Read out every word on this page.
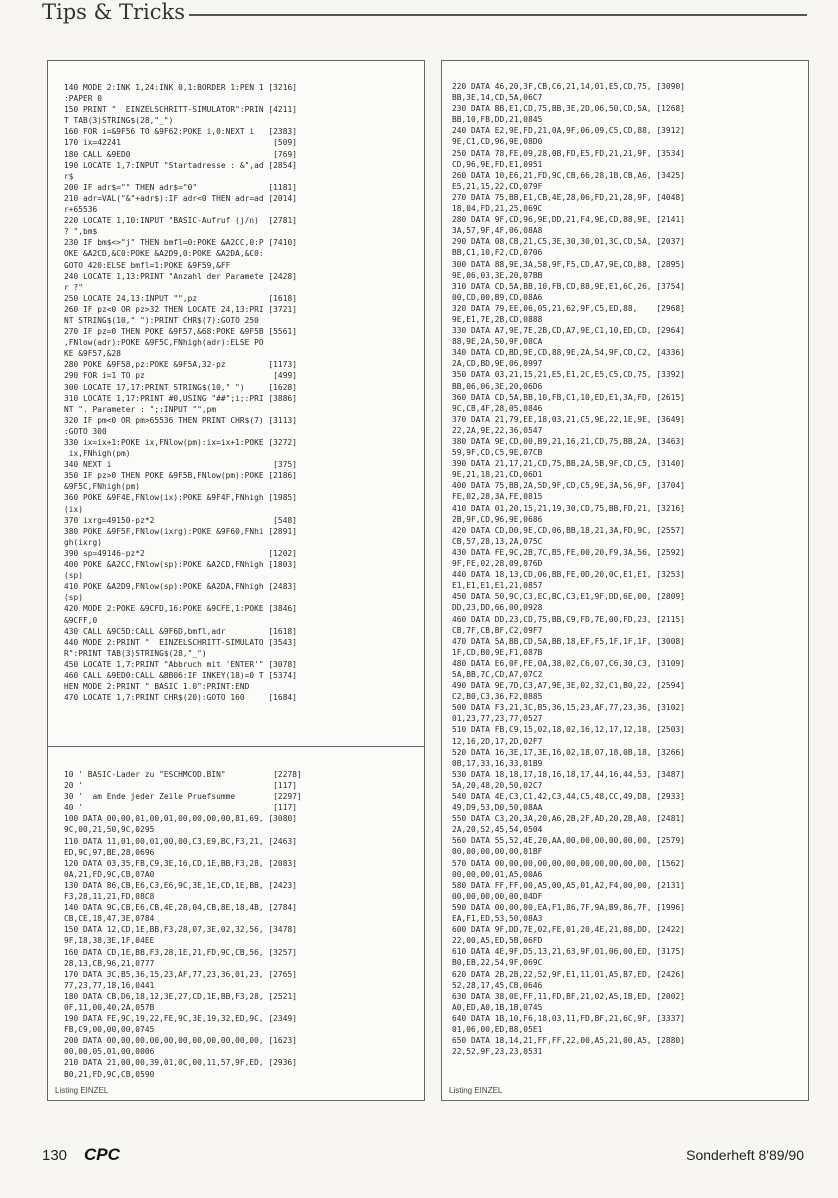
Tips & Tricks
140 MODE 2:INK 1,24:INK 0,1:BORDER 1:PEN 1 [3216]
:PAPER 0
150 PRINT "  EINZELSCHRITT-SIMULATOR":PRIN [4211]
T TAB(3)STRING$(28,"_")
160 FOR i=&9F56 TO &9F62:POKE i,0:NEXT i   [2383]
170 ix=42241                                [509]
180 CALL &9ED0                              [769]
190 LOCATE 1,7:INPUT "Startadresse : &",ad [2854]
r$
200 IF adr$="" THEN adr$="0"               [1181]
210 adr=VAL("&"+adr$):IF adr<0 THEN adr=ad [2014]
r+65536
220 LOCATE 1,10:INPUT "BASIC-Aufruf (j/n)  [2781]
? ",bm$
230 IF bm$<>"j" THEN bmfl=0:POKE &A2CC,0:P [7410]
OKE &A2CD,&C0:POKE &A2D9,0:POKE &A2DA,&C0:
GOTO 420:ELSE bmfl=1:POKE &9F59,&FF
240 LOCATE 1,13:PRINT "Anzahl der Paramete [2428]
r ?"
250 LOCATE 24,13:INPUT "",pz               [1618]
260 IF pz<0 OR pz>32 THEN LOCATE 24,13:PRI [3721]
NT STRING$(10," "):PRINT CHR$(7):GOTO 250
270 IF pz=0 THEN POKE &9F57,&68:POKE &9F5B [5561]
,FNlow(adr):POKE &9F5C,FNhigh(adr):ELSE PO
KE &9F57,&28
280 POKE &9F58,pz:POKE &9F5A,32-pz         [1173]
290 FOR i=1 TO pz                           [499]
300 LOCATE 17,17:PRINT STRING$(10," ")     [1628]
310 LOCATE 1,17:PRINT #0,USING "##";i;:PRI [3886]
NT ". Parameter : ";:INPUT "",pm
320 IF pm<0 OR pm>65536 THEN PRINT CHR$(7) [3113]
:GOTO 300
330 ix=ix+1:POKE ix,FNlow(pm):ix=ix+1:POKE [3272]
ix,FNhigh(pm)
340 NEXT i                                  [375]
350 IF pz>0 THEN POKE &9F5B,FNlow(pm):POKE [2186]
&9F5C,FNhigh(pm)
360 POKE &9F4E,FNlow(ix):POKE &9F4F,FNhigh [1985]
(ix)
370 ixrg=49150-pz*2                         [548]
380 POKE &9F5F,FNlow(ixrg):POKE &9F60,FNhi [2891]
gh(ixrg)
390 sp=49146-pz*2                          [1202]
400 POKE &A2CC,FNlow(sp):POKE &A2CD,FNhigh [1803]
(sp)
410 POKE &A2D9,FNlow(sp):POKE &A2DA,FNhigh [2483]
(sp)
420 MODE 2:POKE &9CFD,16:POKE &9CFE,1:POKE [3846]
&9CFF,0
430 CALL &9C5D:CALL &9F6D,bmfl,adr         [1618]
440 MODE 2:PRINT "  EINZELSCHRITT-SIMULATO [3543]
R":PRINT TAB(3)STRING$(28,"_")
450 LOCATE 1,7:PRINT "Abbruch mit 'ENTER'" [3078]
460 CALL &9ED0:CALL &BB06:IF INKEY(18)=0 T [5374]
HEN MODE 2:PRINT " BASIC 1.0":PRINT:END
470 LOCATE 1,7:PRINT CHR$(20):GOTO 160     [1684]
10 ' BASIC-Lader zu "ESCHMCOD.BIN"          [2278]
20 '                                        [117]
30 '  am Ende jeder Zeile Pruefsumme        [2297]
40 '                                        [117]
100 DATA 00,00,01,00,01,00,00,00,00,81,69, [3080]
9C,00,21,50,9C,0295
110 DATA 11,01,00,01,00,00,C3,E9,BC,F3,21, [2463]
ED,9C,97,BE,28,0696
120 DATA 03,35,FB,C9,3E,16,CD,1E,BB,F3,28, [2083]
0A,21,FD,9C,CB,07A0
130 DATA 86,CB,E6,C3,E6,9C,3E,1E,CD,1E,BB, [2423]
F3,28,11,21,FD,08C8
140 DATA 9C,CB,E6,CB,4E,28,04,CB,8E,18,4B, [2784]
CB,CE,18,47,3E,0784
150 DATA 12,CD,1E,BB,F3,28,07,3E,02,32,56, [3478]
9F,18,38,3E,1F,04EE
160 DATA CD,1E,BB,F3,28,1E,21,FD,9C,CB,56, [3257]
28,13,CB,96,21,0777
170 DATA 3C,B5,36,15,23,AF,77,23,36,01,23, [2765]
77,23,77,18,16,0441
180 DATA CB,D6,18,12,3E,27,CD,1E,BB,F3,28, [2521]
0F,11,00,40,2A,057B
190 DATA FE,9C,19,22,FE,9C,3E,19,32,ED,9C, [2349]
FB,C9,00,00,00,0745
200 DATA 00,00,00,00,00,00,00,00,00,00,00, [1623]
00,00,05,01,00,0006
210 DATA 21,00,00,39,01,0C,00,11,57,9F,ED, [2936]
B0,21,FD,9C,CB,0590
Listing EINZEL
220 DATA 46,20,3F,CB,C6,21,14,01,E5,CD,75, [3090]
BB,3E,14,CD,5A,06C7
230 DATA BB,E1,CD,75,BB,3E,2D,06,50,CD,5A, [1268]
BB,10,FB,DD,21,0845
240 DATA E2,9E,FD,21,0A,9F,06,09,C5,CD,88, [3912]
9E,C1,CD,96,9E,08D0
250 DATA 78,FE,09,28,0B,FD,E5,FD,21,21,9F, [3534]
CD,96,9E,FD,E1,0951
260 DATA 10,E6,21,FD,9C,CB,66,28,1B,CB,A6, [3425]
E5,21,15,22,CD,079F
270 DATA 75,BB,E1,CB,4E,28,06,FD,21,28,9F, [4048]
18,04,FD,21,25,069C
280 DATA 9F,CD,96,9E,DD,21,F4,9E,CD,88,9E, [2141]
3A,57,9F,4F,06,08A8
290 DATA 08,CB,21,C5,3E,30,30,01,3C,CD,5A, [2037]
BB,C1,10,F2,CD,0706
300 DATA 88,9E,3A,58,9F,F5,CD,A7,9E,CD,88, [2895]
9E,06,03,3E,20,07BB
310 DATA CD,5A,BB,10,FB,CD,88,9E,E1,6C,26, [3754]
00,CD,00,B9,CD,08A6
320 DATA 79,EE,06,05,21,62,9F,C5,ED,88,    [2968]
9E,E1,7E,2B,CD,0888
330 DATA A7,9E,7E,2B,CD,A7,9E,C1,10,ED,CD, [2964]
88,9E,2A,50,9F,08CA
340 DATA CD,BD,9E,CD,88,9E,2A,54,9F,CD,C2, [4336]
2A,CD,BD,9E,06,0997
350 DATA 03,21,15,21,E5,E1,2C,E5,C5,CD,75, [3392]
BB,06,06,3E,20,06D6
360 DATA CD,5A,BB,10,FB,C1,10,ED,E1,3A,FD, [2615]
9C,CB,4F,28,05,0846
370 DATA 21,79,EE,18,03,21,C5,9E,22,1E,9E, [3649]
22,2A,9E,22,36,0547
380 DATA 9E,CD,00,B9,21,16,21,CD,75,BB,2A, [3463]
59,9F,CD,C5,9E,07CB
390 DATA 21,17,21,CD,75,BB,2A,5B,9F,CD,C5, [3140]
9E,21,18,21,CD,06D1
400 DATA 75,BB,2A,5D,9F,CD,C5,9E,3A,56,9F, [3704]
FE,02,28,3A,FE,0815
410 DATA 01,20,15,21,19,30,CD,75,BB,FD,21, [3216]
2B,9F,CD,96,9E,0686
420 DATA CD,D0,9E,CD,06,BB,18,21,3A,FD,9C, [2557]
CB,57,28,13,2A,075C
430 DATA FE,9C,2B,7C,B5,FE,00,20,F9,3A,56, [2592]
9F,FE,02,28,09,076D
440 DATA 18,13,CD,06,BB,FE,0D,20,0C,E1,E1, [3253]
E1,E1,E1,E1,21,0857
450 DATA 50,9C,C3,EC,BC,C3,E1,9F,DD,6E,00, [2809]
DD,23,DD,66,00,0928
460 DATA DD,23,CD,75,BB,C9,FD,7E,00,FD,23, [2115]
CB,7F,CB,BF,C2,09F7
470 DATA 5A,BB,CD,5A,BB,18,EF,F5,1F,1F,1F, [3008]
1F,CD,B0,9E,F1,087B
480 DATA E6,0F,FE,0A,38,02,C6,07,C6,30,C3, [3109]
5A,BB,7C,CD,A7,07C2
490 DATA 9E,7D,C3,A7,9E,3E,02,32,C1,B0,22, [2594]
C2,B0,C3,36,F2,0885
500 DATA F3,21,3C,B5,36,15,23,AF,77,23,36, [3102]
01,23,77,23,77,0527
510 DATA FB,C9,15,02,18,02,16,12,17,12,18, [2503]
12,16,2D,17,2D,02F7
520 DATA 16,3E,17,3E,16,02,18,07,18,0B,18, [3266]
0B,17,33,16,33,01B9
530 DATA 18,18,17,18,16,18,17,44,16,44,53, [3487]
5A,20,48,20,50,02C7
540 DATA 4E,C3,C1,42,C3,44,C5,48,CC,49,D8, [2933]
49,D9,53,D0,50,08AA
550 DATA C3,20,3A,20,A6,2B,2F,AD,20,2B,A0, [2481]
2A,20,52,45,54,0504
560 DATA 55,52,4E,20,AA,00,00,00,00,00,00, [2579]
00,00,00,00,00,01BF
570 DATA 00,00,00,00,00,00,00,00,00,00,00, [1562]
00,00,00,01,A5,00A6
580 DATA FF,FF,00,A5,00,A5,01,A2,F4,00,00, [2131]
00,00,00,00,00,04DF
590 DATA 00,00,00,EA,F1,86,7F,9A,B9,86,7F, [1996]
EA,F1,ED,53,50,08A3
600 DATA 9F,DD,7E,02,FE,01,20,4E,21,88,DD, [2422]
22,00,A5,ED,5B,06FD
610 DATA 4E,9F,D5,13,21,63,9F,01,06,00,ED, [3175]
B0,EB,22,54,9F,069C
620 DATA 2B,2B,22,52,9F,E1,11,01,A5,B7,ED, [2426]
52,28,17,45,CB,0646
630 DATA 38,0E,FF,11,FD,BF,21,02,A5,1B,ED, [2002]
A0,ED,A0,1B,1B,0745
640 DATA 1B,10,F6,18,03,11,FD,BF,21,6C,9F, [3337]
01,06,00,ED,B8,05E1
650 DATA 18,14,21,FF,FF,22,00,A5,21,00,A5, [2880]
22,52,9F,23,23,0531
Listing EINZEL
130 CPC	Sonderheft 8'89/90
